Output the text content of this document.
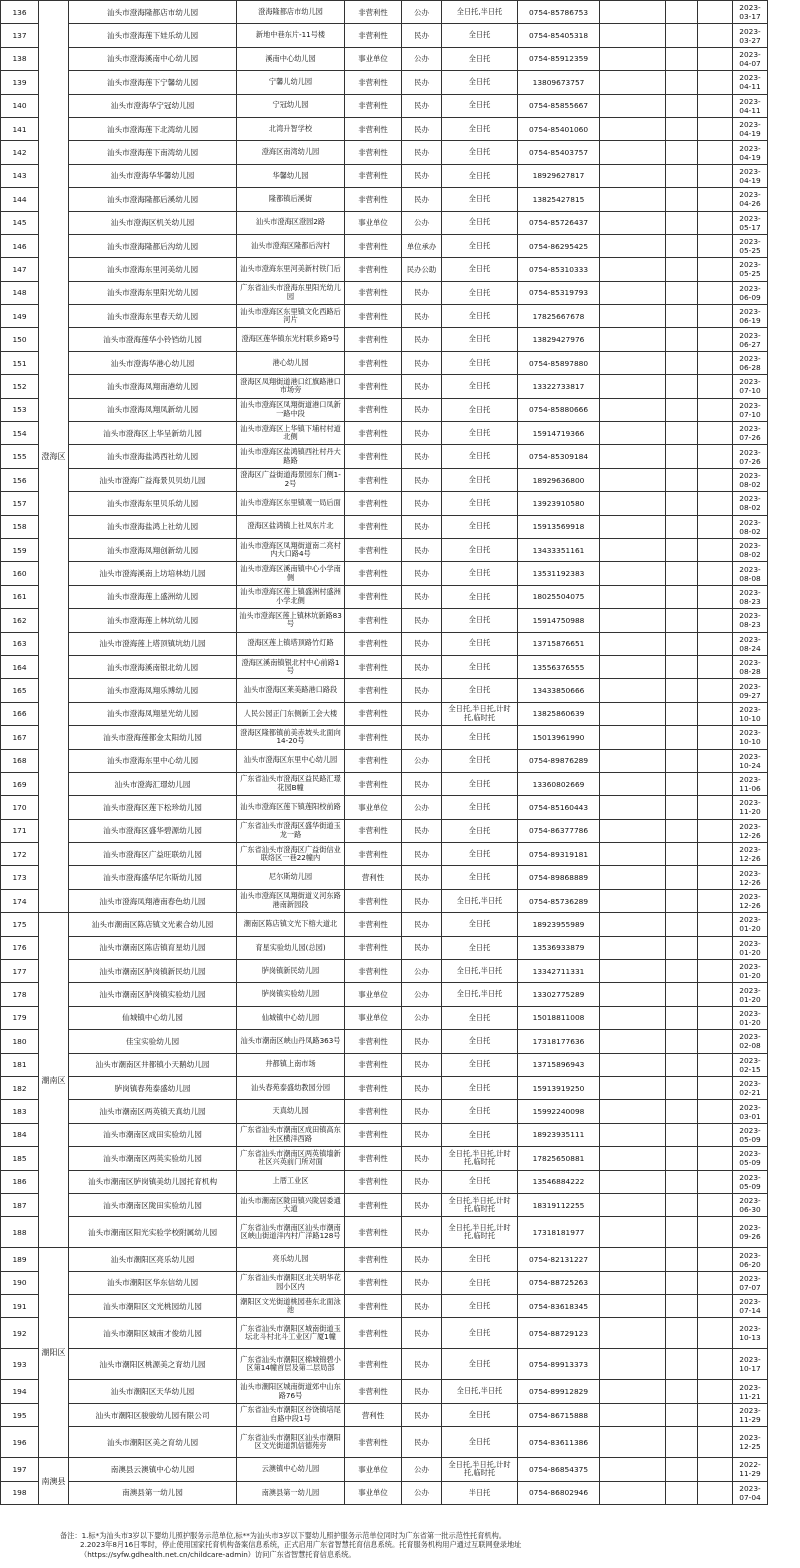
136	澄海区	汕头市澄海隆都店市幼儿园	澄海隆都店市幼儿园	非营利性	公办	全日托,半日托	0754-85786753				2023-03-17
137		汕头市澄海莲下娃乐幼儿园	新地中巷东片-11号楼	非营利性	民办	全日托	0754-85405318				2023-03-27
138		汕头市澄海溪南中心幼儿园	溪南中心幼儿园	事业单位	公办	全日托	0754-85912359				2023-04-07
139		汕头市澄海莲下宁馨幼儿园	宁馨儿幼儿园	非营利性	民办	全日托	13809673757				2023-04-11
140		汕头市澄海华宁冠幼儿园	宁冠幼儿园	非营利性	民办	全日托	0754-85855667				2023-04-11
141		汕头市澄海莲下北湾幼儿园	北湾升智学校	非营利性	民办	全日托	0754-85401060				2023-04-19
142		汕头市澄海莲下南湾幼儿园	澄海区南湾幼儿园	非营利性	民办	全日托	0754-85403757				2023-04-19
143		汕头市澄海华华馨幼儿园	华馨幼儿园	非营利性	民办	全日托	18929627817				2023-04-19
144		汕头市澄海隆都后溪幼儿园	隆都镇后溪街	非营利性	民办	全日托	13825427815				2023-04-26
145		汕头市澄海区机关幼儿园	汕头市澄海区澄园2路	事业单位	公办	全日托	0754-85726437				2023-05-17
146		汕头市澄海隆都后沟幼儿园	汕头市澄海区隆都后沟村	非营利性	单位承办	全日托	0754-86295425				2023-05-25
147		汕头市澄海东里河美幼儿园	汕头市澄海东里河美新村铁门后	非营利性	民办公助	全日托	0754-85310333				2023-05-25
148		汕头市澄海东里阳光幼儿园	广东省汕头市澄海东里阳光幼儿园	非营利性	民办	全日托	0754-85319793				2023-06-09
149		汕头市澄海东里春天幼儿园	汕头市澄海区东里镇文化西路后河片	非营利性	民办	全日托	17825667678				2023-06-19
150		汕头市澄海莲华小铃铛幼儿园	澄海区莲华镇东光村联乡路9号	非营利性	民办	全日托	13829427976				2023-06-27
151		汕头市澄海华港心幼儿园	港心幼儿园	非营利性	民办	全日托	0754-85897880				2023-06-28
152		汕头市澄海凤翔南港幼儿园	澄海区凤翔街道港口红旗路港口市场旁	非营利性	民办	全日托	13322733817				2023-07-10
153		汕头市澄海凤翔凤新幼儿园	汕头市澄海区凤翔街道港口凤新一路中段	非营利性	民办	全日托	0754-85880666				2023-07-10
154		汕头市澄海区上华呈新幼儿园	汕头市澄海区上华镇下埔村村道北侧	非营利性	民办	全日托	15914719366				2023-07-26
155		汕头市澄海盐鸿西社幼儿园	汕头市澄海区盐鸿镇西社村丹大路路	非营利性	民办	全日托	0754-85309184				2023-07-26
156		汕头市澄海广益海景贝贝幼儿园	澄海区广益街道海景园东门侧1-2号	非营利性	民办	全日托	18929636800				2023-08-02
157		汕头市澄海东里贝乐幼儿园	汕头市澄海区东里镇观一局后面	非营利性	民办	全日托	13923910580				2023-08-02
158		汕头市澄海盐鸿上社幼儿园	澄海区盐鸿镇上社凤东片北	非营利性	民办	全日托	15913569918				2023-08-02
159		汕头市澄海凤翔创新幼儿园	汕头市澄海区凤翔街道南二亮村内大口路4号	非营利性	民办	全日托	13433351161				2023-08-02
160		汕头市澄海溪南上坊培林幼儿园	汕头市澄海区溪南镇中心小学南侧	非营利性	民办	全日托	13531192383				2023-08-08
161		汕头市澄海莲上盛洲幼儿园	汕头市澄海区莲上镇盛洲村盛洲小学北侧	非营利性	民办	全日托	18025504075				2023-08-23
162		汕头市澄海莲上林坑幼儿园	汕头市澄海区莲上镇林坑新路83号	非营利性	民办	全日托	15914750988				2023-08-23
163		汕头市澄海莲上塔顶镇坑幼儿园	澄海区莲上镇塔顶路竹灯路	非营利性	民办	全日托	13715876651				2023-08-24
164		汕头市澄海溪南银北幼儿园	澄海区溪南镇银北村中心前路1号	非营利性	民办	全日托	13556376555				2023-08-28
165		汕头市澄海凤翔乐博幼儿园	汕头市澄海区莱美路港口路段	非营利性	民办	全日托	13433850666				2023-09-27
166		汕头市澄海凤翔星光幼儿园	人民公园正门东侧新工会大楼	非营利性	民办	全日托,半日托,计时托,临时托	13825860639				2023-10-10
167		汕头市澄海莲都金太阳幼儿园	澄海区隆都镇前美赤坡头北面向14-20号	非营利性	民办	全日托	15013961990				2023-10-10
168		汕头市澄海东里中心幼儿园	汕头市澄海区东里中心幼儿园	非营利性	公办	全日托	0754-89876289				2023-10-24
169		汕头市澄海汇璟幼儿园	广东省汕头市澄海区益民路汇璟花园B幢	非营利性	民办	全日托	13360802669				2023-11-06
170		汕头市澄海区莲下松珍幼儿园	汕头市澄海区莲下镇莲阳校前路	事业单位	公办	全日托	0754-85160443				2023-11-20
171		汕头市澄海区盛华碧源幼儿园	广东省汕头市澄海区盛华街道玉龙一路	非营利性	民办	全日托	0754-86377786				2023-12-26
172		汕头市澄海区广益旺联幼儿园	广东省汕头市澄海区广益街信业联络区一巷22幢内	非营利性	民办	全日托	0754-89319181				2023-12-26
173		汕头市澄海盛华尼尔斯幼儿园	尼尔斯幼儿园	营利性	民办	全日托	0754-89868889				2023-12-26
174		汕头市澄海凤翔港南春色幼儿园	汕头市澄海区凤翔街道义河东路港南新园段	非营利性	民办	全日托,半日托	0754-85736289				2023-12-26
175	潮南区	汕头市潮南区陈店镇文光素合幼儿园	潮南区陈店镇文光下榕大道北	非营利性	民办	全日托	18923955989				2023-01-20
176		汕头市潮南区陈店镇育星幼儿园	育星实验幼儿园(总园)	非营利性	民办	全日托	13536933879				2023-01-20
177		汕头市潮南区胪岗镇新民幼儿园	胪岗镇新民幼儿园	非营利性	公办	全日托,半日托	13342711331				2023-01-20
178		汕头市潮南区胪岗镇实验幼儿园	胪岗镇实验幼儿园	事业单位	公办	全日托,半日托	13302775289				2023-01-20
179		仙城镇中心幼儿园	仙城镇中心幼儿园	事业单位	公办	全日托	15018811008				2023-01-20
180		佳宝实验幼儿园	汕头市潮南区峡山丹凤路363号	非营利性	民办	全日托	17318177636				2023-02-08
181		汕头市潮南区井都镇小天鹅幼儿园	井都镇上南市场	非营利性	民办	全日托	13715896943				2023-02-15
182		胪岗镇春苑泰盛幼儿园	汕头春苑泰盛幼教园分园	非营利性	民办	全日托	15913919250				2023-02-21
183		汕头市潮南区两英镇天真幼儿园	天真幼儿园	非营利性	民办	全日托	15992240098				2023-03-01
184		汕头市潮南区成田实验幼儿园	广东省汕头市潮南区成田镇高东社区横洋西路	非营利性	民办	全日托	18923935111				2023-05-09
185		汕头市潮南区两英实验幼儿园	广东省汕头市潮南区两英镇墙新社区兴英前门所对面	非营利性	民办	全日托,半日托,计时托,临时托	17825650881				2023-05-09
186		汕头市潮南区胪岗镇美幼儿园托育机构	上厝工业区	非营利性	民办	全日托	13546884222				2023-05-09
187		汕头市潮南区陇田实验幼儿园	汕头市潮南区陇田镇兴陇居委通大道	非营利性	民办	全日托,半日托,计时托,临时托	18319112255				2023-06-30
188		汕头市潮南区阳光实验学校附属幼儿园	广东省汕头市潮南区汕头市潮南区峡山街道洋内村广洋路128号	非营利性	民办	全日托,半日托,计时托,临时托	17318181977				2023-09-26
189	潮阳区	汕头市潮阳区亮乐幼儿园	亮乐幼儿园	非营利性	民办	全日托	0754-82131227				2023-06-20
190		汕头市潮阳区华东信幼儿园	广东省汕头市潮阳区北关明华花园小区内	非营利性	民办	全日托	0754-88725263				2023-07-07
191		汕头市潮阳区文光桃园幼儿园	潮阳区文光街道桃园巷东北面泳池	非营利性	民办	全日托	0754-83618345				2023-07-14
192		汕头市潮阳区城南才俊幼儿园	广东省汕头市潮阳区城南街道玉坛北斗村北斗工业区广厦1幢	非营利性	民办	全日托	0754-88729123				2023-10-13
193		汕头市潮阳区桃源美之育幼儿园	广东省汕头市潮阳区棉城锦碧小区第14幢首层及第二层局部	非营利性	民办	全日托	0754-89913373				2023-10-17
194		汕头市潮阳区天华幼儿园	汕头市潮阳区城南街道郊中山东路76号	非营利性	民办	全日托,半日托	0754-89912829				2023-11-21
195		汕头市潮阳区骏骏幼儿园有限公司	广东省汕头市潮阳区谷饶镇培尾自路中段1号	营利性	民办	全日托	0754-86715888				2023-11-29
196		汕头市潮阳区美之育幼儿园	广东省汕头市潮阳区汕头市潮阳区文光街道凯信德苑旁	非营利性	民办	全日托	0754-83611386				2023-12-25
197	南澳县	南澳县云澳镇中心幼儿园	云澳镇中心幼儿园	事业单位	公办	全日托,半日托,计时托,临时托	0754-86854375				2022-11-29
198		南澳县第一幼儿园	南澳县第一幼儿园	事业单位	公办	半日托	0754-86802946				2023-07-04
备注：1.标*为汕头市3岁以下婴幼儿照护服务示范单位,标**为汕头市3岁以下婴幼儿照护服务示范单位同时为广东省第一批示范性托育机构。
2.2023年8月16日零时，停止使用国家托育机构备案信息系统，正式启用广东省智慧托育信息系统。托育服务机构用户通过互联网登录地址
（https://syfw.gdhealth.net.cn/childcare-admin）访问广东省智慧托育信息系统。
